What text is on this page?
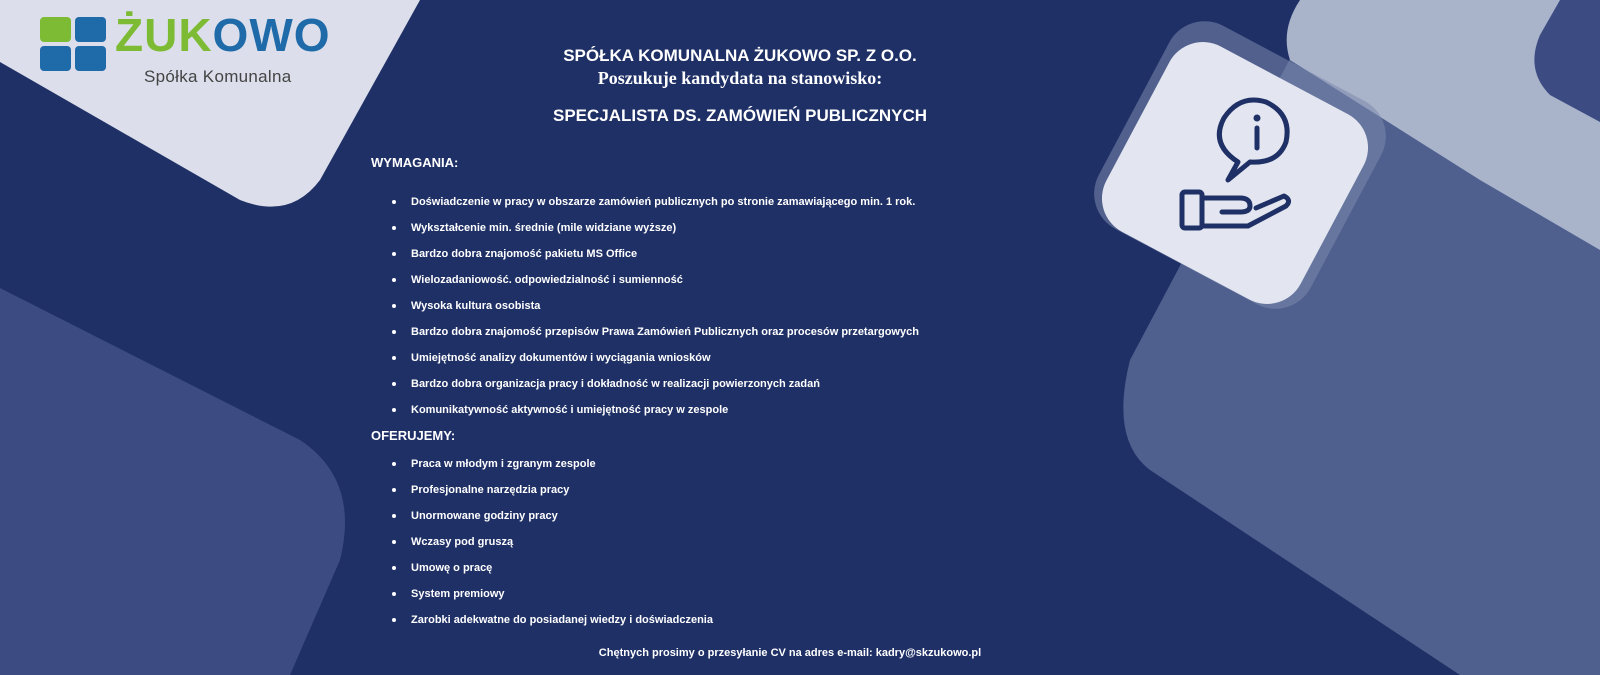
ŻUKOWO
Spółka Komunalna
SPÓŁKA KOMUNALNA ŻUKOWO SP. Z O.O.
Poszukuje kandydata na stanowisko:
SPECJALISTA DS. ZAMÓWIEŃ PUBLICZNYCH
WYMAGANIA:
Doświadczenie w pracy w obszarze zamówień publicznych po stronie zamawiającego min. 1 rok.
Wykształcenie min. średnie (mile widziane wyższe)
Bardzo dobra znajomość pakietu MS Office
Wielozadaniowość. odpowiedzialność i sumienność
Wysoka kultura osobista
Bardzo dobra znajomość przepisów Prawa Zamówień Publicznych oraz procesów przetargowych
Umiejętność analizy dokumentów i wyciągania wniosków
Bardzo dobra organizacja pracy i dokładność w realizacji powierzonych zadań
Komunikatywność aktywność i umiejętność pracy w zespole
OFERUJEMY:
Praca w młodym i zgranym zespole
Profesjonalne narzędzia pracy
Unormowane godziny pracy
Wczasy pod gruszą
Umowę o pracę
System premiowy
Zarobki adekwatne do posiadanej wiedzy i doświadczenia
Chętnych prosimy o przesyłanie CV na adres e-mail: kadry@skzukowo.pl
